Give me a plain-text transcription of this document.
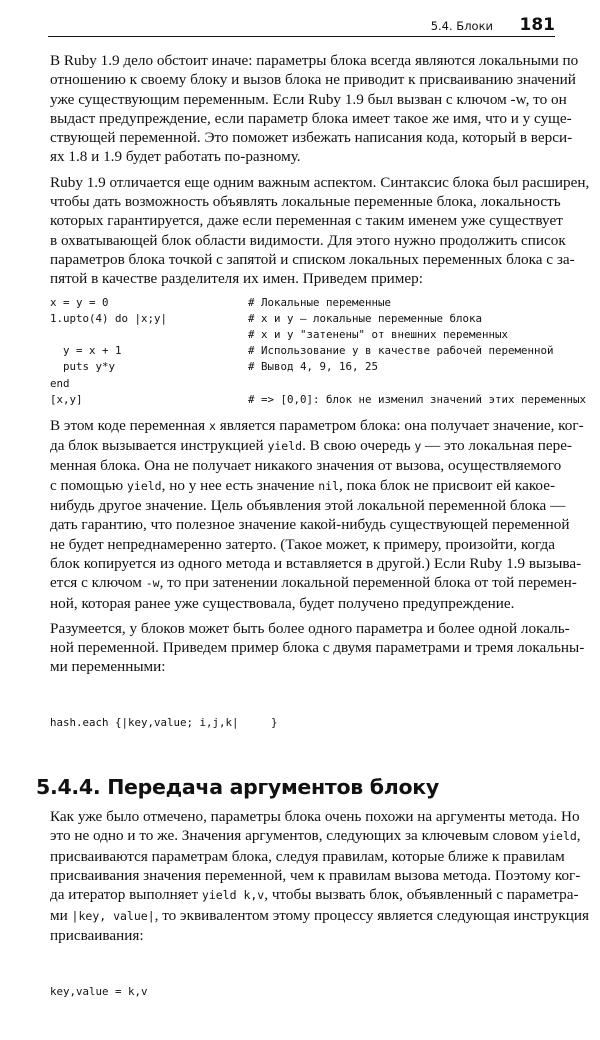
5.4. Блоки 181
В Ruby 1.9 дело обстоит иначе: параметры блока всегда являются локальными по
отношению к своему блоку и вызов блока не приводит к присваиванию значений
уже существующим переменным. Если Ruby 1.9 был вызван с ключом -w, то он
выдаст предупреждение, если параметр блока имеет такое же имя, что и у суще-
ствующей переменной. Это поможет избежать написания кода, который в верси-
ях 1.8 и 1.9 будет работать по-разному.
Ruby 1.9 отличается еще одним важным аспектом. Синтаксис блока был расширен,
чтобы дать возможность объявлять локальные переменные блока, локальность
которых гарантируется, даже если переменная с таким именем уже существует
в охватывающей блок области видимости. Для этого нужно продолжить список
параметров блока точкой с запятой и списком локальных переменных блока с за-
пятой в качестве разделителя их имен. Приведем пример:
x = y = 0	# Локальные переменные
1.upto(4) do |x;y|	# x и y — локальные переменные блока
# x и y "затенены" от внешних переменных
y = x + 1	# Использование y в качестве рабочей переменной
puts y*y	# Вывод 4, 9, 16, 25
end
[x,y]	# => [0,0]: блок не изменил значений этих переменных
В этом коде переменная x является параметром блока: она получает значение, ког-
да блок вызывается инструкцией yield. В свою очередь y — это локальная пере-
менная блока. Она не получает никакого значения от вызова, осуществляемого
с помощью yield, но у нее есть значение nil, пока блок не присвоит ей какое-
нибудь другое значение. Цель объявления этой локальной переменной блока —
дать гарантию, что полезное значение какой-нибудь существующей переменной
не будет непреднамеренно затерто. (Такое может, к примеру, произойти, когда
блок копируется из одного метода и вставляется в другой.) Если Ruby 1.9 вызыва-
ется с ключом -w, то при затенении локальной переменной блока от той перемен-
ной, которая ранее уже существовала, будет получено предупреждение.
Разумеется, у блоков может быть более одного параметра и более одной локаль-
ной переменной. Приведем пример блока с двумя параметрами и тремя локальны-
ми переменными:

hash.each {|key,value; i,j,k|     }

5.4.4. Передача аргументов блоку
Как уже было отмечено, параметры блока очень похожи на аргументы метода. Но
это не одно и то же. Значения аргументов, следующих за ключевым словом yield,
присваиваются параметрам блока, следуя правилам, которые ближе к правилам
присваивания значения переменной, чем к правилам вызова метода. Поэтому ког-
да итератор выполняет yield k,v, чтобы вызвать блок, объявленный с параметра-
ми |key, value|, то эквивалентом этому процессу является следующая инструкция
присваивания:

key,value = k,v
